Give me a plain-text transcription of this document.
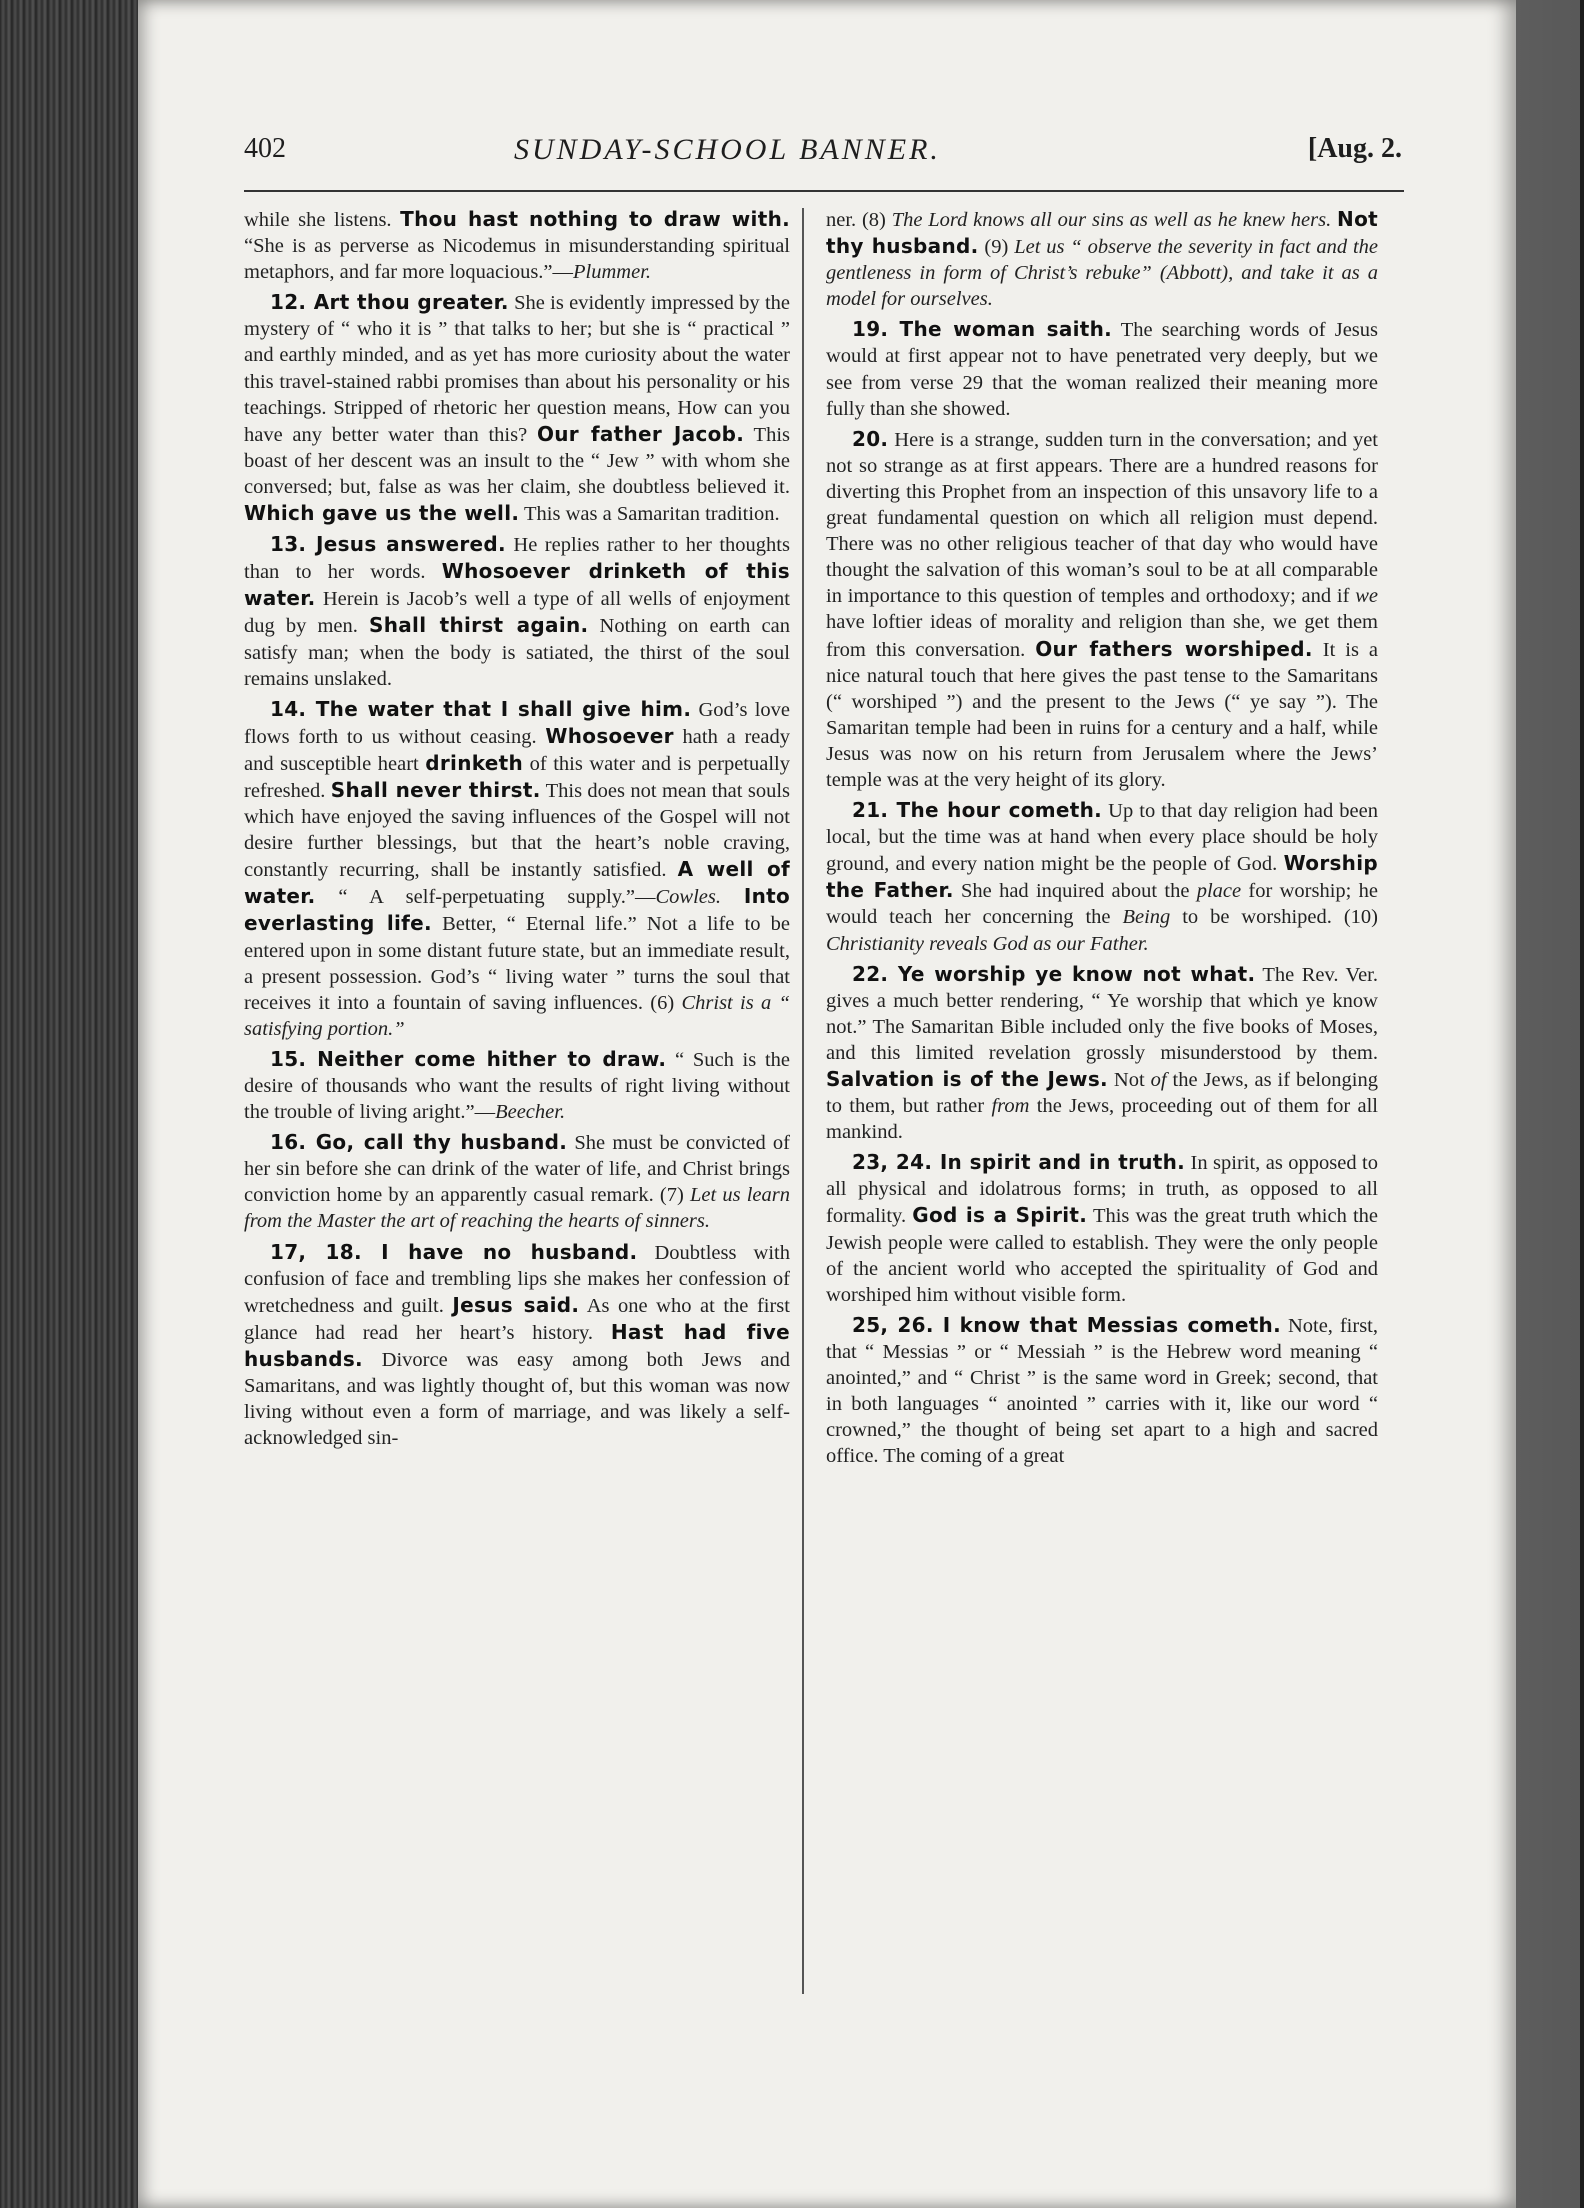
402	SUNDAY-SCHOOL BANNER.	[Aug. 2.

while she listens. Thou hast nothing to draw with. “She is as perverse as Nicodemus in misunderstanding spiritual metaphors, and far more loquacious.”—Plummer.

12. Art thou greater. She is evidently impressed by the mystery of “ who it is ” that talks to her; but she is “ practical ” and earthly minded, and as yet has more curiosity about the water this travel-stained rabbi promises than about his personality or his teachings. Stripped of rhetoric her question means, How can you have any better water than this? Our father Jacob. This boast of her descent was an insult to the “ Jew ” with whom she conversed; but, false as was her claim, she doubtless believed it. Which gave us the well. This was a Samaritan tradition.

13. Jesus answered. He replies rather to her thoughts than to her words. Whosoever drinketh of this water. Herein is Jacob’s well a type of all wells of enjoyment dug by men. Shall thirst again. Nothing on earth can satisfy man; when the body is satiated, the thirst of the soul remains unslaked.

14. The water that I shall give him. God’s love flows forth to us without ceasing. Whosoever hath a ready and susceptible heart drinketh of this water and is perpetually refreshed. Shall never thirst. This does not mean that souls which have enjoyed the saving influences of the Gospel will not desire further blessings, but that the heart’s noble craving, constantly recurring, shall be instantly satisfied. A well of water. “ A self-perpetuating supply.”—Cowles. Into everlasting life. Better, “ Eternal life.” Not a life to be entered upon in some distant future state, but an immediate result, a present possession. God’s “ living water ” turns the soul that receives it into a fountain of saving influences. (6) Christ is a “ satisfying portion.”

15. Neither come hither to draw. “ Such is the desire of thousands who want the results of right living without the trouble of living aright.”—Beecher.

16. Go, call thy husband. She must be convicted of her sin before she can drink of the water of life, and Christ brings conviction home by an apparently casual remark. (7) Let us learn from the Master the art of reaching the hearts of sinners.

17, 18. I have no husband. Doubtless with confusion of face and trembling lips she makes her confession of wretchedness and guilt. Jesus said. As one who at the first glance had read her heart’s history. Hast had five husbands. Divorce was easy among both Jews and Samaritans, and was lightly thought of, but this woman was now living without even a form of marriage, and was likely a self-acknowledged sin-

ner. (8) The Lord knows all our sins as well as he knew hers. Not thy husband. (9) Let us “ observe the severity in fact and the gentleness in form of Christ’s rebuke” (Abbott), and take it as a model for ourselves.

19. The woman saith. The searching words of Jesus would at first appear not to have penetrated very deeply, but we see from verse 29 that the woman realized their meaning more fully than she showed.

20. Here is a strange, sudden turn in the conversation; and yet not so strange as at first appears. There are a hundred reasons for diverting this Prophet from an inspection of this unsavory life to a great fundamental question on which all religion must depend. There was no other religious teacher of that day who would have thought the salvation of this woman’s soul to be at all comparable in importance to this question of temples and orthodoxy; and if we have loftier ideas of morality and religion than she, we get them from this conversation. Our fathers worshiped. It is a nice natural touch that here gives the past tense to the Samaritans (“ worshiped ”) and the present to the Jews (“ ye say ”). The Samaritan temple had been in ruins for a century and a half, while Jesus was now on his return from Jerusalem where the Jews’ temple was at the very height of its glory.

21. The hour cometh. Up to that day religion had been local, but the time was at hand when every place should be holy ground, and every nation might be the people of God. Worship the Father. She had inquired about the place for worship; he would teach her concerning the Being to be worshiped. (10) Christianity reveals God as our Father.

22. Ye worship ye know not what. The Rev. Ver. gives a much better rendering, “ Ye worship that which ye know not.” The Samaritan Bible included only the five books of Moses, and this limited revelation grossly misunderstood by them. Salvation is of the Jews. Not of the Jews, as if belonging to them, but rather from the Jews, proceeding out of them for all mankind.

23, 24. In spirit and in truth. In spirit, as opposed to all physical and idolatrous forms; in truth, as opposed to all formality. God is a Spirit. This was the great truth which the Jewish people were called to establish. They were the only people of the ancient world who accepted the spirituality of God and worshiped him without visible form.

25, 26. I know that Messias cometh. Note, first, that “ Messias ” or “ Messiah ” is the Hebrew word meaning “ anointed,” and “ Christ ” is the same word in Greek; second, that in both languages “ anointed ” carries with it, like our word “ crowned,” the thought of being set apart to a high and sacred office. The coming of a great
